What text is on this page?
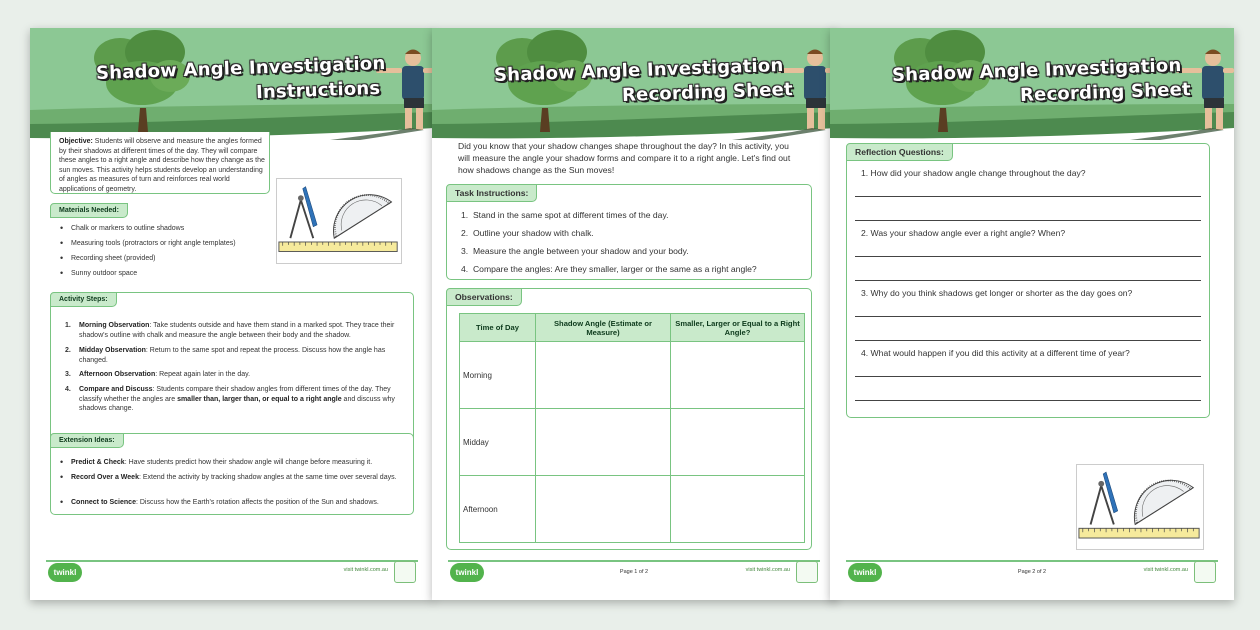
Shadow Angle Investigation
Instructions
Objective: Students will observe and measure the angles formed by their shadows at different times of the day. They will compare these angles to a right angle and describe how they change as the sun moves. This activity helps students develop an understanding of angles as measures of turn and reinforces real world applications of geometry.
Materials Needed:
• Chalk or markers to outline shadows
• Measuring tools (protractors or right angle templates)
• Recording sheet (provided)
• Sunny outdoor space
Activity Steps:
1. Morning Observation: Take students outside and have them stand in a marked spot. They trace their shadow's outline with chalk and measure the angle between their body and the shadow.
2. Midday Observation: Return to the same spot and repeat the process. Discuss how the angle has changed.
3. Afternoon Observation: Repeat again later in the day.
4. Compare and Discuss: Students compare their shadow angles from different times of the day. They classify whether the angles are smaller than, larger than, or equal to a right angle and discuss why shadows change.
Extension Ideas:
• Predict & Check: Have students predict how their shadow angle will change before measuring it.
• Record Over a Week: Extend the activity by tracking shadow angles at the same time over several days.
• Connect to Science: Discuss how the Earth's rotation affects the position of the Sun and shadows.
twinkl	visit twinkl.com.au
Shadow Angle Investigation
Recording Sheet
Did you know that your shadow changes shape throughout the day? In this activity, you will measure the angle your shadow forms and compare it to a right angle. Let's find out how shadows change as the Sun moves!
Task Instructions:
1.  Stand in the same spot at different times of the day.
2.  Outline your shadow with chalk.
3.  Measure the angle between your shadow and your body.
4.  Compare the angles: Are they smaller, larger or the same as a right angle?
Observations:
Time of Day	Shadow Angle (Estimate or Measure)	Smaller, Larger or Equal to a Right Angle?
Morning		
Midday		
Afternoon		
twinkl	Page 1 of 2	visit twinkl.com.au
Shadow Angle Investigation
Recording Sheet
Reflection Questions:
1. How did your shadow angle change throughout the day?
2. Was your shadow angle ever a right angle? When?
3. Why do you think shadows get longer or shorter as the day goes on?
4. What would happen if you did this activity at a different time of year?
twinkl	Page 2 of 2	visit twinkl.com.au
